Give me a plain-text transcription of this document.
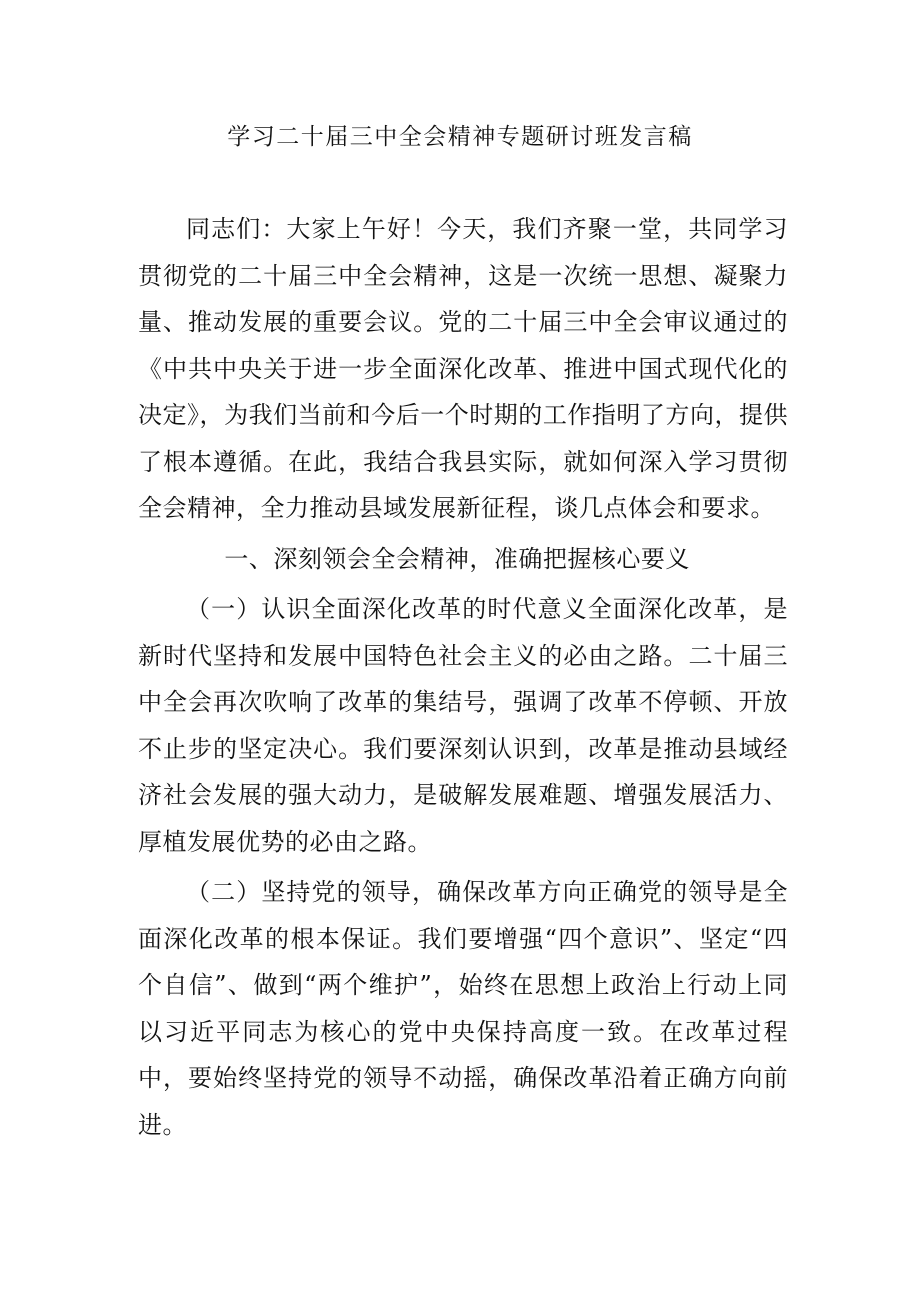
学习二十届三中全会精神专题研讨班发言稿

同志们：大家上午好！今天，我们齐聚一堂，共同学习贯彻党的二十届三中全会精神，这是一次统一思想、凝聚力量、推动发展的重要会议。党的二十届三中全会审议通过的《中共中央关于进一步全面深化改革、推进中国式现代化的决定》，为我们当前和今后一个时期的工作指明了方向，提供了根本遵循。在此，我结合我县实际，就如何深入学习贯彻全会精神，全力推动县域发展新征程，谈几点体会和要求。

一、深刻领会全会精神，准确把握核心要义

（一）认识全面深化改革的时代意义全面深化改革，是新时代坚持和发展中国特色社会主义的必由之路。二十届三中全会再次吹响了改革的集结号，强调了改革不停顿、开放不止步的坚定决心。我们要深刻认识到，改革是推动县域经济社会发展的强大动力，是破解发展难题、增强发展活力、厚植发展优势的必由之路。

（二）坚持党的领导，确保改革方向正确党的领导是全面深化改革的根本保证。我们要增强“四个意识”、坚定“四个自信”、做到“两个维护”，始终在思想上政治上行动上同以习近平同志为核心的党中央保持高度一致。在改革过程中，要始终坚持党的领导不动摇，确保改革沿着正确方向前进。
